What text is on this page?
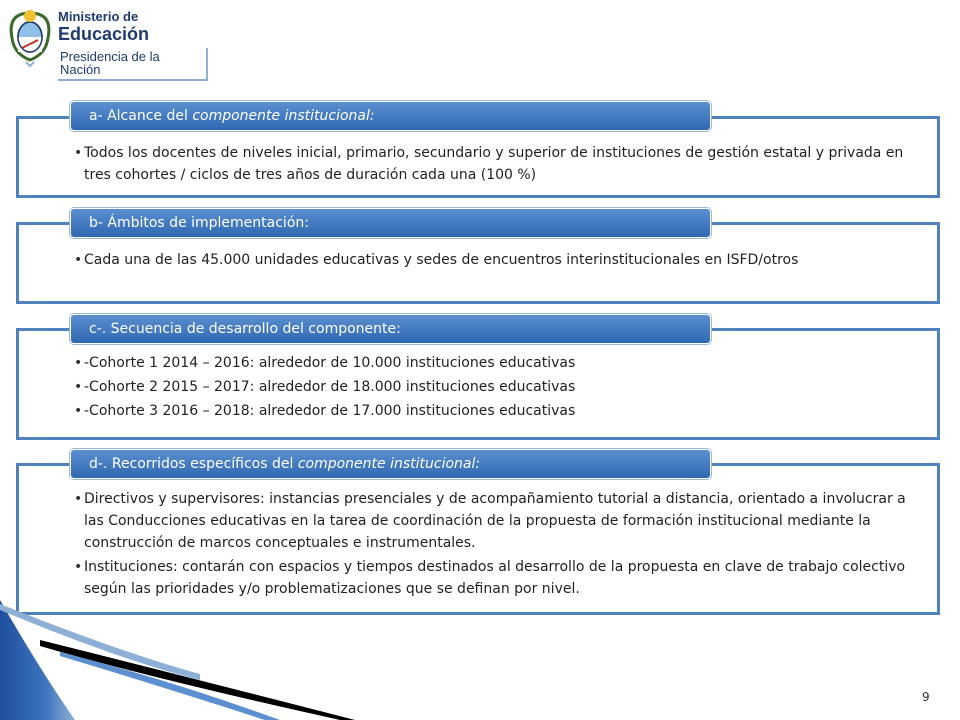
Ministerio de
Educación
Presidencia de la Nación
a- Alcance del componente institucional:
• Todos los docentes de niveles inicial, primario, secundario y superior de instituciones de gestión estatal y privada en tres cohortes / ciclos de tres años de duración cada una (100 %)
b- Ámbitos de implementación:
• Cada una de las 45.000 unidades educativas y sedes de encuentros interinstitucionales en ISFD/otros
c-. Secuencia de desarrollo del componente:
• -Cohorte 1 2014 – 2016: alrededor de 10.000 instituciones educativas
• -Cohorte 2 2015 – 2017: alrededor de 18.000 instituciones educativas
• -Cohorte 3 2016 – 2018: alrededor de 17.000 instituciones educativas
d-. Recorridos específicos del componente institucional:
• Directivos y supervisores: instancias presenciales y de acompañamiento tutorial a distancia, orientado a involucrar a las Conducciones educativas en la tarea de coordinación de la propuesta de formación institucional mediante la construcción de marcos conceptuales e instrumentales.
• Instituciones: contarán con espacios y tiempos destinados al desarrollo de la propuesta en clave de trabajo colectivo según las prioridades y/o problematizaciones que se definan por nivel.
9
